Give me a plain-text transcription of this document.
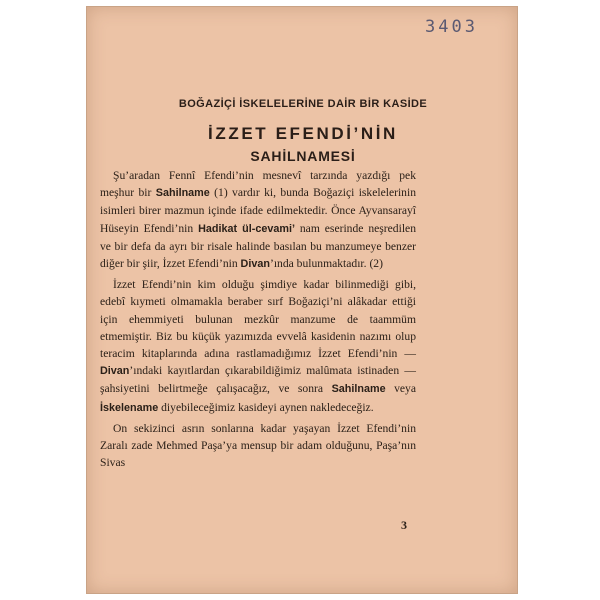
3403
BOĞAZİÇİ İSKELELERİNE DAİR BİR KASİDE
İZZET EFENDİ’NİN
SAHİLNAMESİ
3

Şu’aradan Fennî Efendi’nin mesnevî tarzında yazdığı pek meşhur bir Sahilname (1) vardır ki, bunda Boğaziçi iskelelerinin isimleri birer mazmun içinde ifade edilmektedir. Önce Ayvansarayî Hüseyin Efendi’nin Hadikat ül-cevami’ nam eserinde neşredilen ve bir defa da ayrı bir risale halinde basılan bu manzumeye benzer diğer bir şiir, İzzet Efendi’nin Divan’ında bulunmaktadır. (2)

İzzet Efendi’nin kim olduğu şimdiye kadar bilinmediği gibi, edebî kıymeti olmamakla beraber sırf Boğaziçi’ni alâkadar ettiği için ehemmiyeti bulunan mezkûr manzume de taammüm etmemiştir. Biz bu küçük yazımızda evvelâ kasidenin nazımı olup teracim kitaplarında adına rastlamadığımız İzzet Efendi’nin — Divan’ındaki kayıtlardan çıkarabildiğimiz malûmata istinaden — şahsiyetini belirtmeğe çalışacağız, ve sonra Sahilname veya İskelename diyebileceğimiz kasideyi aynen nakledeceğiz.

On sekizinci asrın sonlarına kadar yaşayan İzzet Efendi’nin Zaralı zade Mehmed Paşa’ya mensup bir adam olduğunu, Paşa’nın Sivas
